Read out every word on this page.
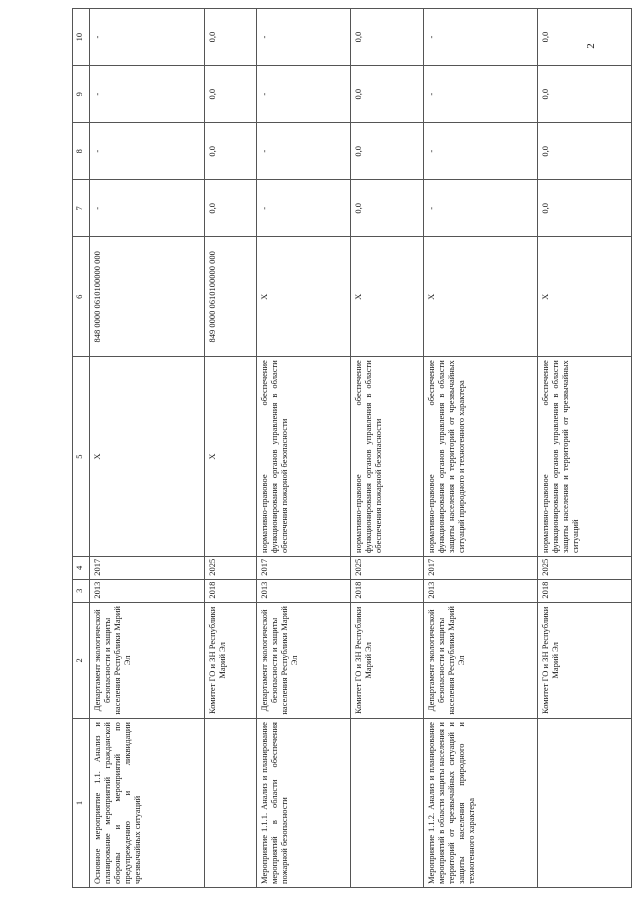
2
1	2	3	4	5	6	7	8	9	10
Основное мероприятие 1.1. Анализ и планирование мероприятий гражданской обороны и мероприятий по предупреждению и ликвидации чрезвычайных ситуаций	Департамент экологической безопасности и защиты населения Республики Марий Эл	2013	2017	X	848 0000 0610100000 000	-	-	-	-
	Комитет ГО и ЗН Республики Марий Эл	2018	2025	X	849 0000 0610100000 000	0,0	0,0	0,0	0,0
Мероприятие 1.1.1. Анализ и планирование мероприятий в области обеспечения пожарной безопасности	Департамент экологической безопасности и защиты населения Республики Марий Эл	2013	2017	нормативно-правовое обеспечение функционирования органов управления в области обеспечения пожарной безопасности	X	-	-	-	-
	Комитет ГО и ЗН Республики Марий Эл	2018	2025	нормативно-правовое обеспечение функционирования органов управления в области обеспечения пожарной безопасности	X	0,0	0,0	0,0	0,0
Мероприятие 1.1.2. Анализ и планирование мероприятий в области защиты населения и территорий от чрезвычайных ситуаций и защиты населения природного и техногенного характера	Департамент экологической безопасности и защиты населения Республики Марий Эл	2013	2017	нормативно-правовое обеспечение функционирования органов управления в области защиты населения и территорий от чрезвычайных ситуаций природного и техногенного характера	X	-	-	-	-
	Комитет ГО и ЗН Республики Марий Эл	2018	2025	нормативно-правовое обеспечение функционирования органов управления в области защиты населения и территорий от чрезвычайных ситуаций	X	0,0	0,0	0,0	0,0
